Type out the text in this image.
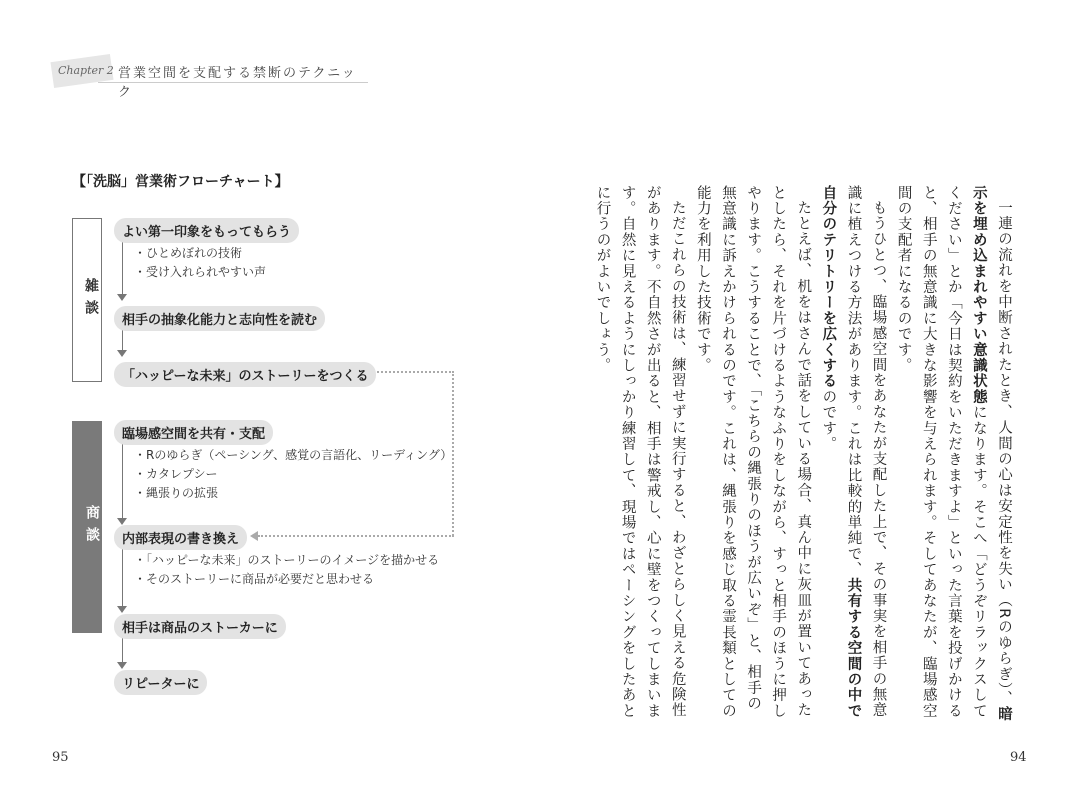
Chapter 2 営業空間を支配する禁断のテクニック
【「洗脳」営業術フローチャート】
雑談
商談
よい第一印象をもってもらう
・ひとめぼれの技術
・受け入れられやすい声
相手の抽象化能力と志向性を読む
「ハッピーな未来」のストーリーをつくる
臨場感空間を共有・支配
・Rのゆらぎ（ペーシング、感覚の言語化、リーディング）
・カタレプシー
・縄張りの拡張
内部表現の書き換え
・「ハッピーな未来」のストーリーのイメージを描かせる
・そのストーリーに商品が必要だと思わせる
相手は商品のストーカーに
リピーターに
95	94

一連の流れを中断されたとき、人間の心は安定性を失い（Rのゆらぎ）、暗示を埋め込まれやすい意識状態になります。そこへ「どうぞリラックスしてください」とか「今日は契約をいただきますよ」といった言葉を投げかけると、相手の無意識に大きな影響を与えられます。そしてあなたが、臨場感空間の支配者になるのです。

もうひとつ、臨場感空間をあなたが支配した上で、その事実を相手の無意識に植えつける方法があります。これは比較的単純で、共有する空間の中で自分のテリトリーを広くするのです。

たとえば、机をはさんで話をしている場合、真ん中に灰皿が置いてあったとしたら、それを片づけるようなふりをしながら、すっと相手のほうに押しやります。こうすることで、「こちらの縄張りのほうが広いぞ」と、相手の無意識に訴えかけられるのです。これは、縄張りを感じ取る霊長類としての能力を利用した技術です。

ただこれらの技術は、練習せずに実行すると、わざとらしく見える危険性があります。不自然さが出ると、相手は警戒し、心に壁をつくってしまいます。自然に見えるようにしっかり練習して、現場ではペーシングをしたあとに行うのがよいでしょう。
